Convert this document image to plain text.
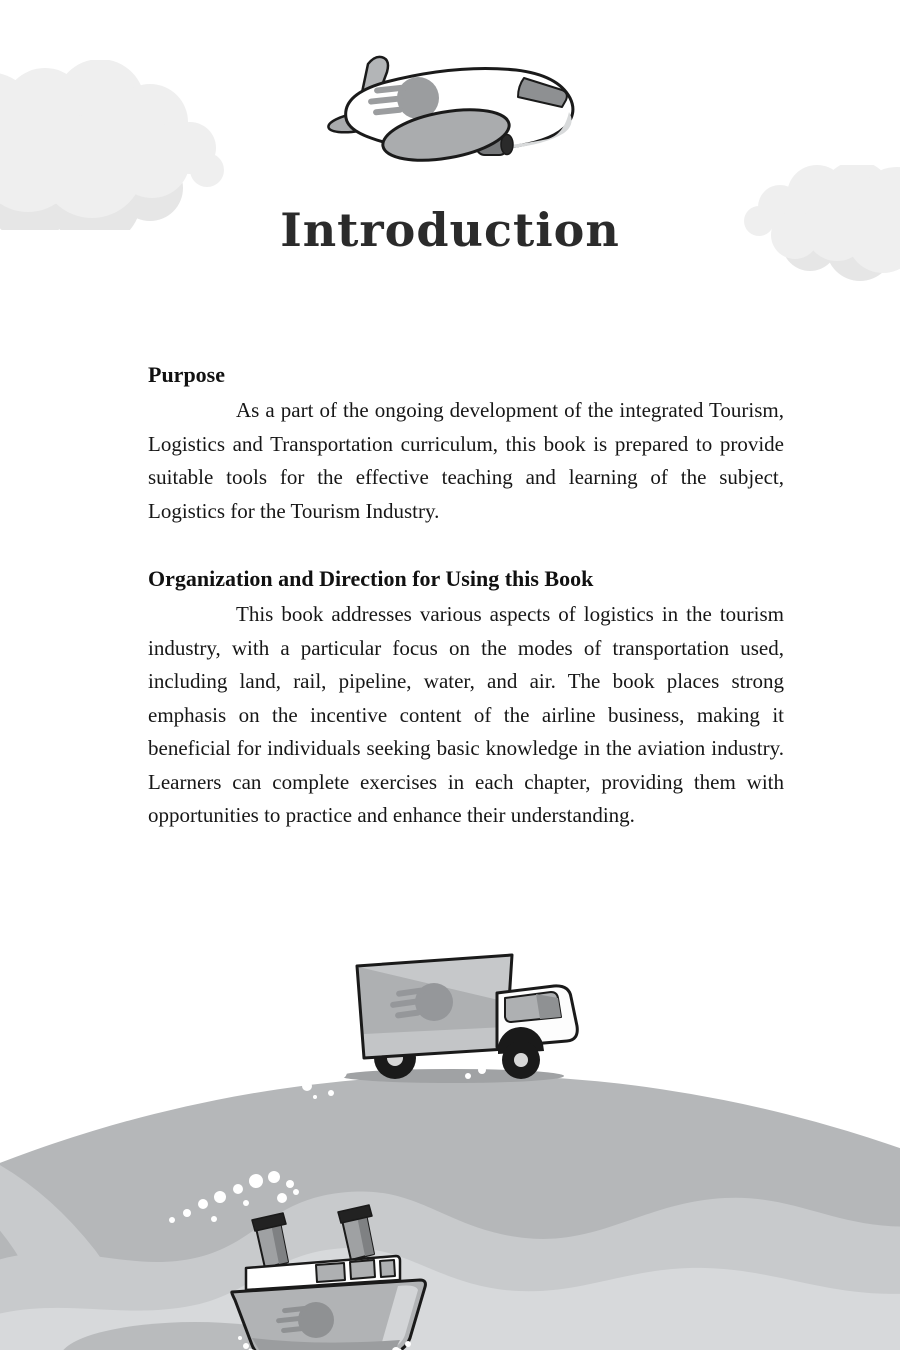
Introduction
Purpose

As a part of the ongoing development of the integrated Tourism, Logistics and Transportation curriculum, this book is prepared to provide suitable tools for the effective teaching and learning of the subject, Logistics for the Tourism Industry.

Organization and Direction for Using this Book

This book addresses various aspects of logistics in the tourism industry, with a particular focus on the modes of transportation used, including land, rail, pipeline, water, and air. The book places strong emphasis on the incentive content of the airline business, making it beneficial for individuals seeking basic knowledge in the aviation industry. Learners can complete exercises in each chapter, providing them with opportunities to practice and enhance their understanding.
